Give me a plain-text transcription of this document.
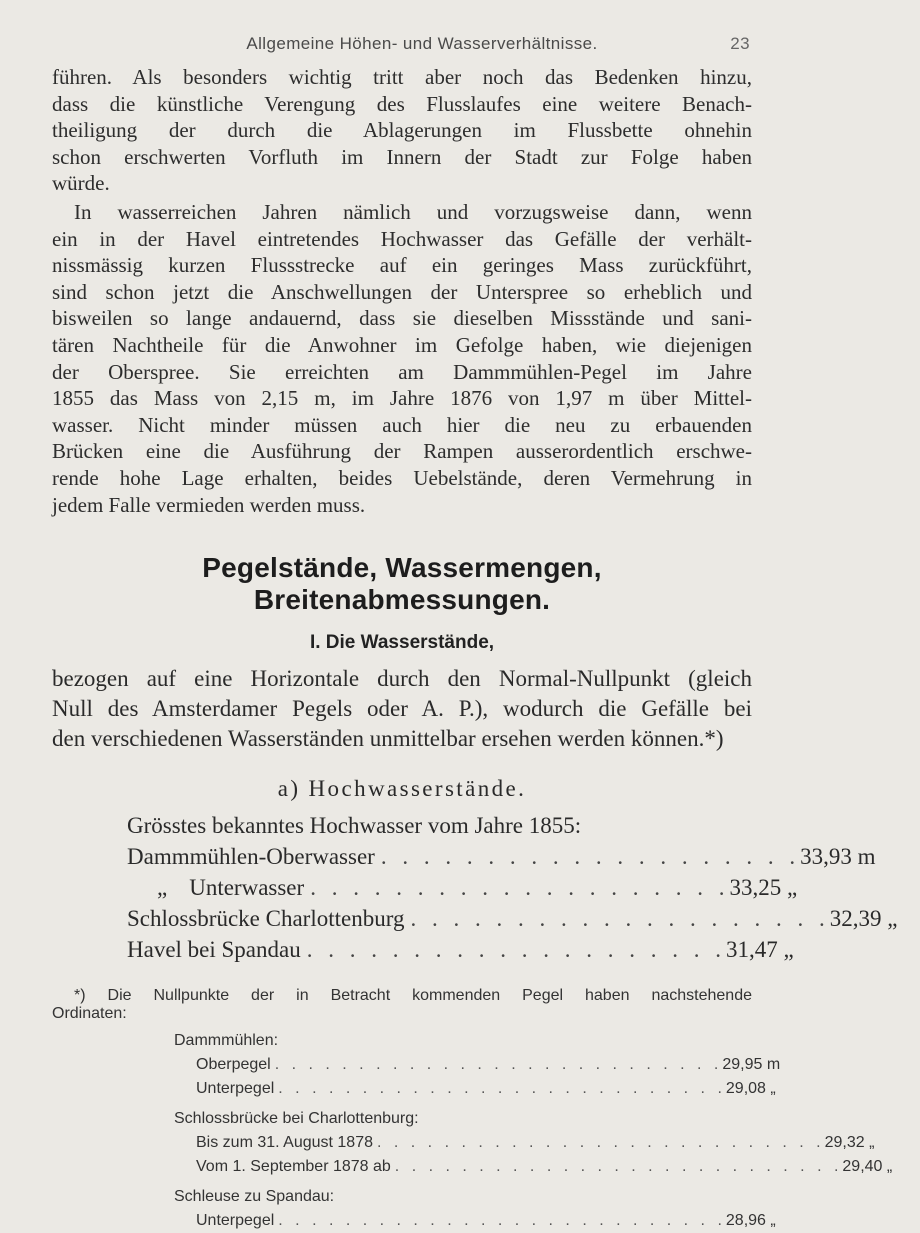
Allgemeine Höhen- und Wasserverhältnisse.	23

führen. Als besonders wichtig tritt aber noch das Bedenken hinzu,
dass die künstliche Verengung des Flusslaufes eine weitere Benach-
theiligung der durch die Ablagerungen im Flussbette ohnehin
schon erschwerten Vorfluth im Innern der Stadt zur Folge haben
würde.

In wasserreichen Jahren nämlich und vorzugsweise dann, wenn
ein in der Havel eintretendes Hochwasser das Gefälle der verhält-
nissmässig kurzen Flussstrecke auf ein geringes Mass zurückführt,
sind schon jetzt die Anschwellungen der Unterspree so erheblich und
bisweilen so lange andauernd, dass sie dieselben Missstände und sani-
tären Nachtheile für die Anwohner im Gefolge haben, wie diejenigen
der Oberspree. Sie erreichten am Dammmühlen-Pegel im Jahre
1855 das Mass von 2,15 m, im Jahre 1876 von 1,97 m über Mittel-
wasser. Nicht minder müssen auch hier die neu zu erbauenden
Brücken eine die Ausführung der Rampen ausserordentlich erschwe-
rende hohe Lage erhalten, beides Uebelstände, deren Vermehrung in
jedem Falle vermieden werden muss.

Pegelstände, Wassermengen, Breitenabmessungen.
I. Die Wasserstände,

bezogen auf eine Horizontale durch den Normal-Nullpunkt (gleich
Null des Amsterdamer Pegels oder A. P.), wodurch die Gefälle bei
den verschiedenen Wasserständen unmittelbar ersehen werden können.*)

a) Hochwasserstände.
Grösstes bekanntes Hochwasser vom Jahre 1855:
Dammmühlen-Oberwasser . . . . . . . . . . . . . . . . . . . . 33,93 m
„ Unterwasser . . . . . . . . . . . . . . . . . . . . 33,25 „
Schlossbrücke Charlottenburg . . . . . . . . . . . . . . . . . . . . 32,39 „
Havel bei Spandau . . . . . . . . . . . . . . . . . . . . 31,47 „
*) Die Nullpunkte der in Betracht kommenden Pegel haben nachstehende
Ordinaten:
Dammmühlen:
Oberpegel . . . . . . . . . . . . . . . . . . . . . . . . . . . 29,95 m
Unterpegel . . . . . . . . . . . . . . . . . . . . . . . . . . . 29,08 „
Schlossbrücke bei Charlottenburg:
Bis zum 31. August 1878 . . . . . . . . . . . . . . . . . . . . . . . . . . . 29,32 „
Vom 1. September 1878 ab . . . . . . . . . . . . . . . . . . . . . . . . . . . 29,40 „
Schleuse zu Spandau:
Unterpegel . . . . . . . . . . . . . . . . . . . . . . . . . . . 28,96 „
